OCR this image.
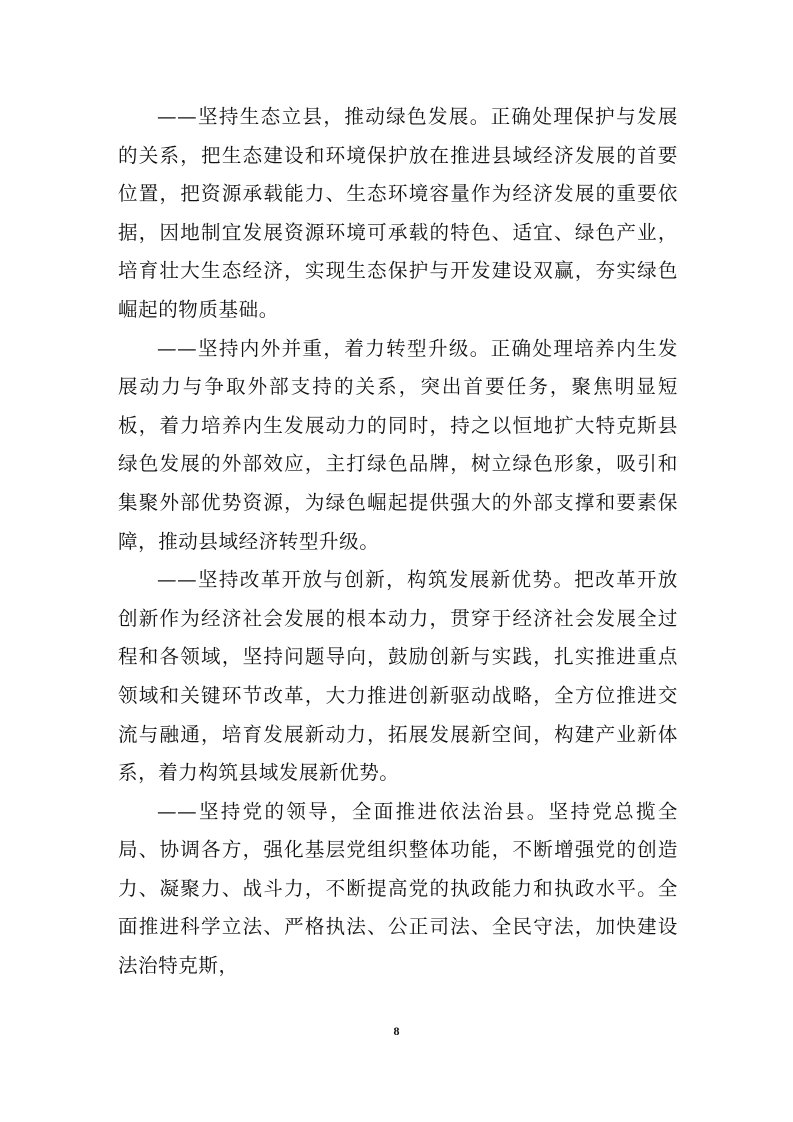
——坚持生态立县，推动绿色发展。正确处理保护与发展的关系，把生态建设和环境保护放在推进县域经济发展的首要位置，把资源承载能力、生态环境容量作为经济发展的重要依据，因地制宜发展资源环境可承载的特色、适宜、绿色产业，培育壮大生态经济，实现生态保护与开发建设双赢，夯实绿色崛起的物质基础。

——坚持内外并重，着力转型升级。正确处理培养内生发展动力与争取外部支持的关系，突出首要任务，聚焦明显短板，着力培养内生发展动力的同时，持之以恒地扩大特克斯县绿色发展的外部效应，主打绿色品牌，树立绿色形象，吸引和集聚外部优势资源，为绿色崛起提供强大的外部支撑和要素保障，推动县域经济转型升级。

——坚持改革开放与创新，构筑发展新优势。把改革开放创新作为经济社会发展的根本动力，贯穿于经济社会发展全过程和各领域，坚持问题导向，鼓励创新与实践，扎实推进重点领域和关键环节改革，大力推进创新驱动战略，全方位推进交流与融通，培育发展新动力，拓展发展新空间，构建产业新体系，着力构筑县域发展新优势。

——坚持党的领导，全面推进依法治县。坚持党总揽全局、协调各方，强化基层党组织整体功能，不断增强党的创造力、凝聚力、战斗力，不断提高党的执政能力和执政水平。全面推进科学立法、严格执法、公正司法、全民守法，加快建设法治特克斯，

8
